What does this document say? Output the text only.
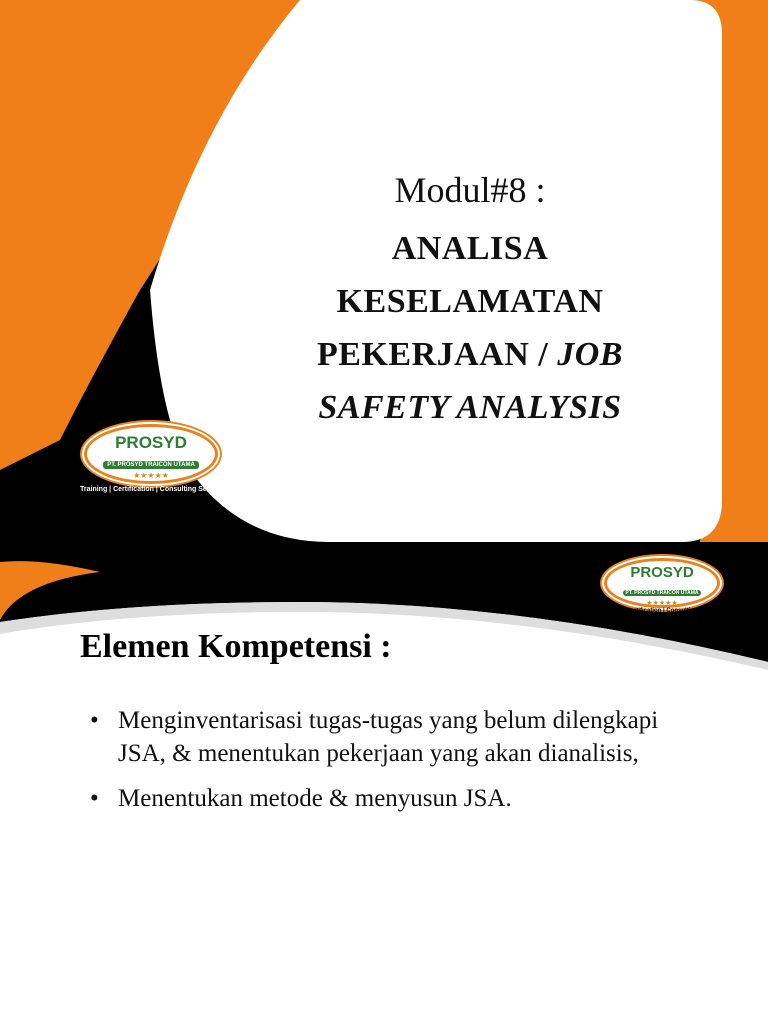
Modul#8 :
ANALISA
KESELAMATAN
PEKERJAAN / JOB
SAFETY ANALYSIS
PROSYD
PT. PROSYD TRAICON UTAMA
★★★★★
Training | Certification | Consulting Services
PROSYD
PT. PROSYD TRAICON UTAMA
★★★★★
Training | Certification | Consulting Services
Elemen Kompetensi :
• Menginventarisasi tugas-tugas yang belum dilengkapi JSA, & menentukan pekerjaan yang akan dianalisis,
• Menentukan metode & menyusun JSA.
